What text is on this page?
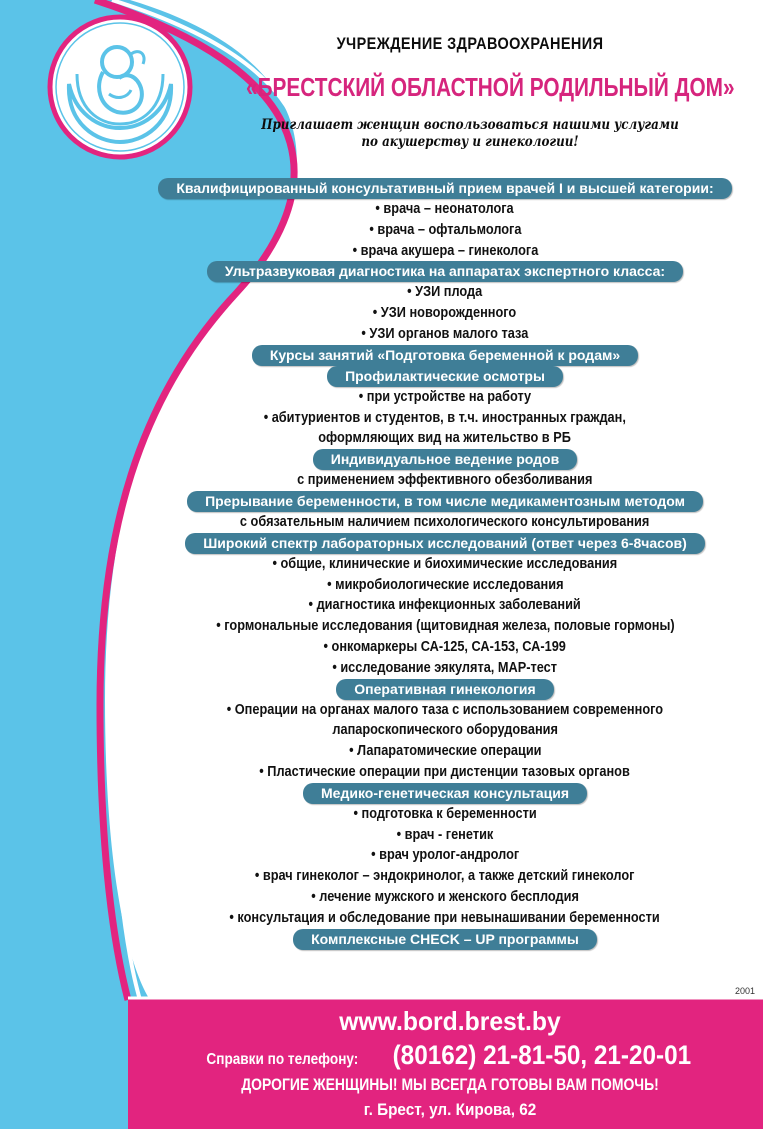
УЧРЕЖДЕНИЕ ЗДРАВООХРАНЕНИЯ
«БРЕСТСКИЙ ОБЛАСТНОЙ РОДИЛЬНЫЙ ДОМ»
Приглашает женщин воспользоваться нашими услугами
по акушерству и гинекологии!
Квалифицированный консультативный прием врачей I и высшей категории:
• врача – неонатолога
• врача – офтальмолога
• врача акушера – гинеколога
Ультразвуковая диагностика на аппаратах экспертного класса:
• УЗИ плода
• УЗИ новорожденного
• УЗИ органов малого таза
Курсы занятий «Подготовка беременной к родам»
Профилактические осмотры
• при устройстве на работу
• абитуриентов и студентов, в т.ч. иностранных граждан,
оформляющих вид на жительство в РБ
Индивидуальное ведение родов
с применением эффективного обезболивания
Прерывание беременности, в том числе медикаментозным методом
с обязательным наличием психологического консультирования
Широкий спектр лабораторных исследований (ответ через 6-8часов)
• общие, клинические и биохимические исследования
• микробиологические исследования
• диагностика инфекционных заболеваний
• гормональные исследования (щитовидная железа, половые гормоны)
• онкомаркеры СА-125, СА-153, СА-199
• исследование эякулята, МАР-тест
Оперативная гинекология
• Операции на органах малого таза с использованием современного
лапароскопического оборудования
• Лапаратомические операции
• Пластические операции при дистенции тазовых органов
Медико-генетическая консультация
• подготовка к беременности
• врач - генетик
• врач уролог-андролог
• врач гинеколог – эндокринолог, а также детский гинеколог
• лечение мужского и женского бесплодия
• консультация и обследование при невынашивании беременности
Комплексные CHECK – UP программы
2001
www.bord.brest.by
Справки по телефону: (80162) 21-81-50, 21-20-01
ДОРОГИЕ ЖЕНЩИНЫ! МЫ ВСЕГДА ГОТОВЫ ВАМ ПОМОЧЬ!
г. Брест, ул. Кирова, 62
